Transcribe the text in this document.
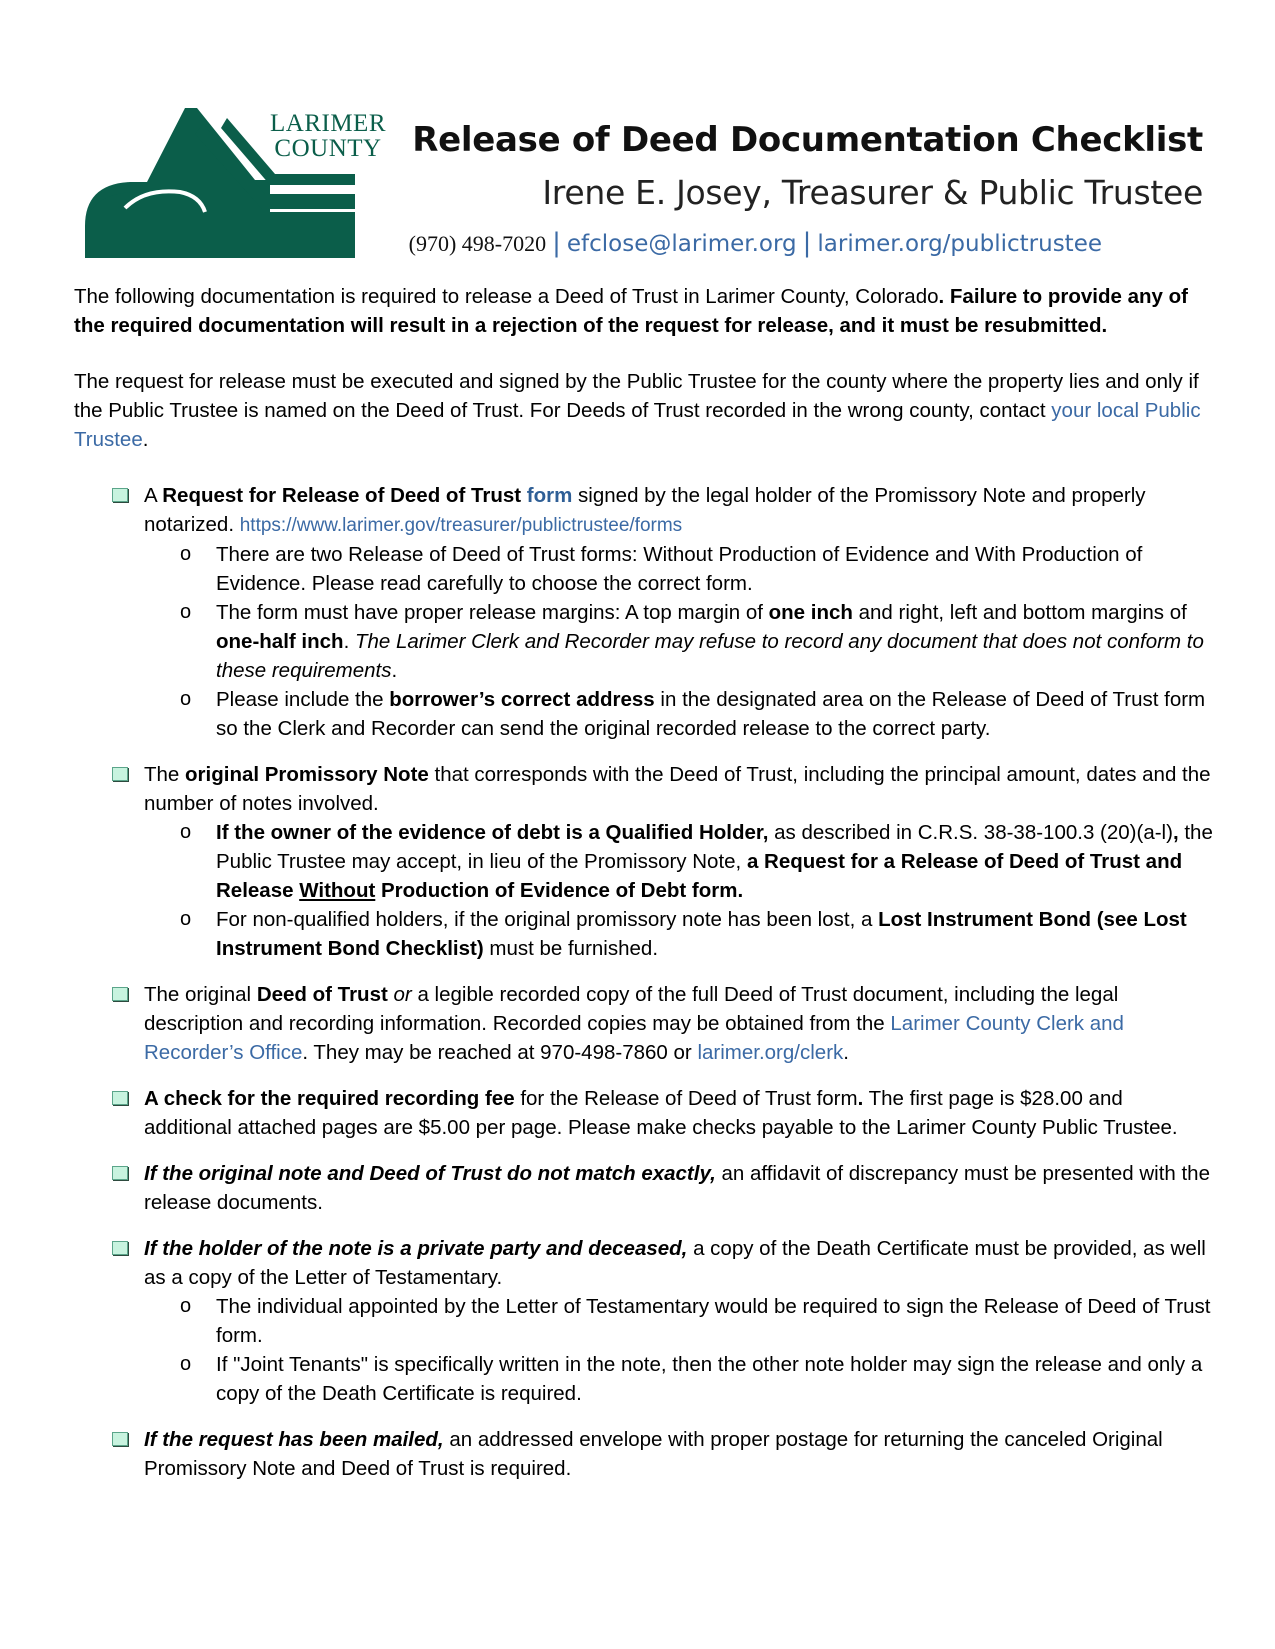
LARIMER
COUNTY Release of Deed Documentation Checklist
Irene E. Josey, Treasurer & Public Trustee
(970) 498-7020 | efclose@larimer.org | larimer.org/publictrustee

The following documentation is required to release a Deed of Trust in Larimer County, Colorado. Failure to provide any of the required documentation will result in a rejection of the request for release, and it must be resubmitted.

The request for release must be executed and signed by the Public Trustee for the county where the property lies and only if the Public Trustee is named on the Deed of Trust. For Deeds of Trust recorded in the wrong county, contact your local Public Trustee.

A Request for Release of Deed of Trust form signed by the legal holder of the Promissory Note and properly notarized. https://www.larimer.gov/treasurer/publictrustee/forms
o There are two Release of Deed of Trust forms: Without Production of Evidence and With Production of Evidence. Please read carefully to choose the correct form.
o The form must have proper release margins: A top margin of one inch and right, left and bottom margins of one-half inch. The Larimer Clerk and Recorder may refuse to record any document that does not conform to these requirements.
o Please include the borrower’s correct address in the designated area on the Release of Deed of Trust form so the Clerk and Recorder can send the original recorded release to the correct party.
The original Promissory Note that corresponds with the Deed of Trust, including the principal amount, dates and the number of notes involved.
o If the owner of the evidence of debt is a Qualified Holder, as described in C.R.S. 38-38-100.3 (20)(a-l), the Public Trustee may accept, in lieu of the Promissory Note, a Request for a Release of Deed of Trust and Release Without Production of Evidence of Debt form.
o For non-qualified holders, if the original promissory note has been lost, a Lost Instrument Bond (see Lost Instrument Bond Checklist) must be furnished.
The original Deed of Trust or a legible recorded copy of the full Deed of Trust document, including the legal description and recording information. Recorded copies may be obtained from the Larimer County Clerk and Recorder’s Office. They may be reached at 970-498-7860 or larimer.org/clerk.
A check for the required recording fee for the Release of Deed of Trust form. The first page is $28.00 and additional attached pages are $5.00 per page. Please make checks payable to the Larimer County Public Trustee.
If the original note and Deed of Trust do not match exactly, an affidavit of discrepancy must be presented with the release documents.
If the holder of the note is a private party and deceased, a copy of the Death Certificate must be provided, as well as a copy of the Letter of Testamentary.
o The individual appointed by the Letter of Testamentary would be required to sign the Release of Deed of Trust form.
o If "Joint Tenants" is specifically written in the note, then the other note holder may sign the release and only a copy of the Death Certificate is required.
If the request has been mailed, an addressed envelope with proper postage for returning the canceled Original Promissory Note and Deed of Trust is required.
